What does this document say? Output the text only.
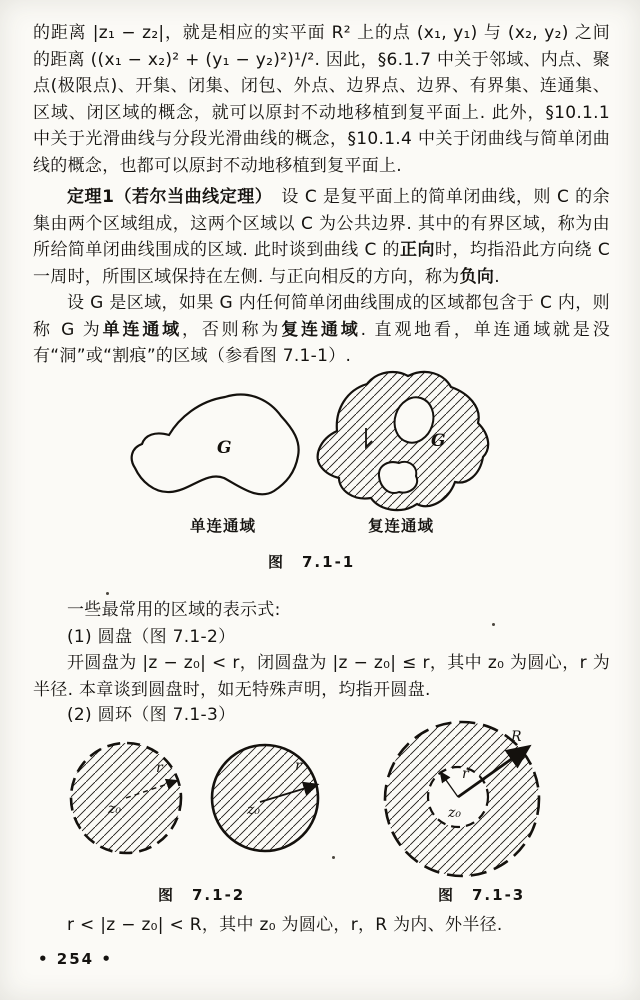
的距离 |z₁ − z₂|，就是相应的实平面 R² 上的点 (x₁, y₁) 与 (x₂, y₂) 之间的距离 ((x₁ − x₂)² + (y₁ − y₂)²)¹/². 因此，§6.1.7 中关于邻域、内点、聚点(极限点)、开集、闭集、闭包、外点、边界点、边界、有界集、连通集、区域、闭区域的概念，就可以原封不动地移植到复平面上. 此外，§10.1.1 中关于光滑曲线与分段光滑曲线的概念，§10.1.4 中关于闭曲线与简单闭曲线的概念，也都可以原封不动地移植到复平面上.
定理1（若尔当曲线定理）　设 C 是复平面上的简单闭曲线，则 C 的余集由两个区域组成，这两个区域以 C 为公共边界. 其中的有界区域，称为由所给简单闭曲线围成的区域. 此时谈到曲线 C 的正向时，均指沿此方向绕 C 一周时，所围区域保持在左侧. 与正向相反的方向，称为负向.
设 G 是区域，如果 G 内任何简单闭曲线围成的区域都包含于 C 内，则称 G 为单连通域，否则称为复连通域. 直观地看，单连通域就是没有“洞”或“割痕”的区域（参看图 7.1-1）.
G	G
单连通域	复连通域
图　7.1-1
一些最常用的区域的表示式:
(1) 圆盘（图 7.1-2）
开圆盘为 |z − z₀| < r，闭圆盘为 |z − z₀| ≤ r，其中 z₀ 为圆心，r 为半径. 本章谈到圆盘时，如无特殊声明，均指开圆盘.
(2) 圆环（图 7.1-3）
r
z₀
r
z₀
R
r
z₀
图　7.1-2	图　7.1-3
r < |z − z₀| < R，其中 z₀ 为圆心，r，R 为内、外半径.
• 254 •
